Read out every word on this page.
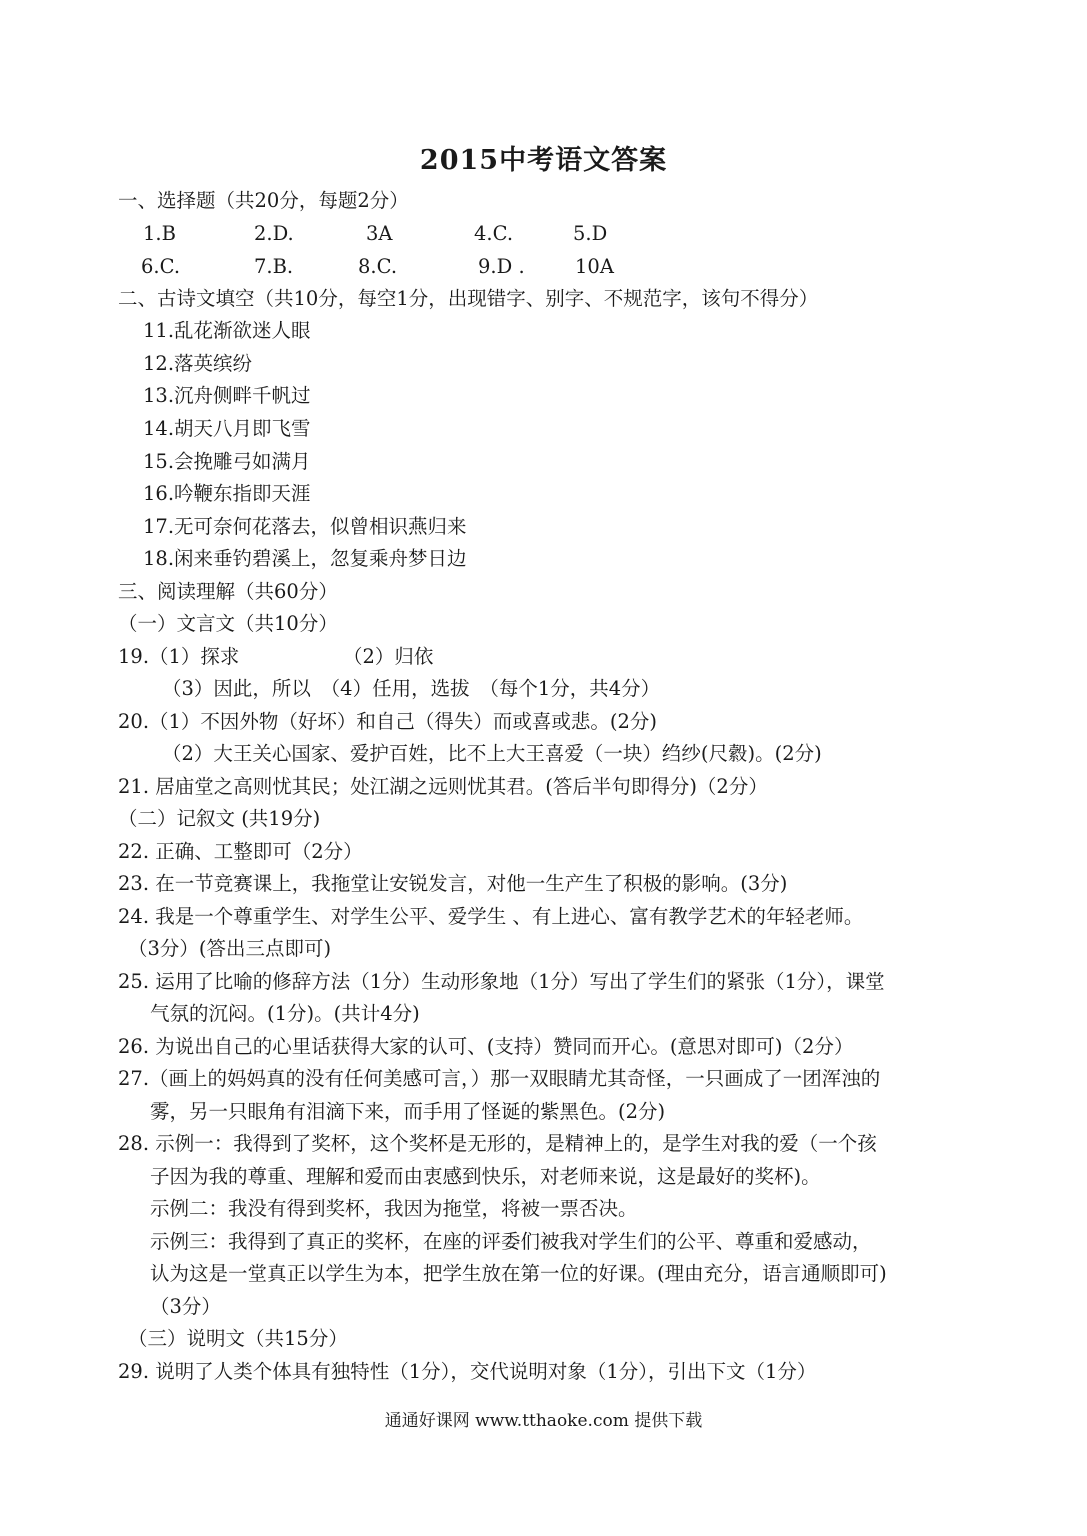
2015中考语文答案
一、选择题（共20分，每题2分）
1.B	2.D.	3A	4.C.	5.D
6.C.	7.B.	8.C.	9.D .	10A
二、古诗文填空（共10分，每空1分，出现错字、别字、不规范字，该句不得分）
11.乱花渐欲迷人眼
12.落英缤纷
13.沉舟侧畔千帆过
14.胡天八月即飞雪
15.会挽雕弓如满月
16.吟鞭东指即天涯
17.无可奈何花落去，似曾相识燕归来
18.闲来垂钓碧溪上，忽复乘舟梦日边
三、阅读理解（共60分）
（一）文言文（共10分）
19.（1）探求	（2）归依
（3）因此，所以　（4）任用，选拔　（每个1分，共4分）
20.（1）不因外物（好坏）和自己（得失）而或喜或悲。(2分)
（2）大王关心国家、爱护百姓，比不上大王喜爱（一块）绉纱(尺縠)。(2分)
21. 居庙堂之高则忧其民；处江湖之远则忧其君。(答后半句即得分)（2分）
（二）记叙文 (共19分)
22. 正确、工整即可（2分）
23. 在一节竞赛课上，我拖堂让安锐发言，对他一生产生了积极的影响。(3分)
24. 我是一个尊重学生、对学生公平、爱学生 、有上进心、富有教学艺术的年轻老师。
（3分）(答出三点即可)
25. 运用了比喻的修辞方法（1分）生动形象地（1分）写出了学生们的紧张（1分），课堂
气氛的沉闷。(1分)。(共计4分)
26. 为说出自己的心里话获得大家的认可、(支持）赞同而开心。(意思对即可)（2分）
27.（画上的妈妈真的没有任何美感可言，）那一双眼睛尤其奇怪，一只画成了一团浑浊的
雾，另一只眼角有泪滴下来，而手用了怪诞的紫黑色。(2分)
28. 示例一：我得到了奖杯，这个奖杯是无形的，是精神上的，是学生对我的爱（一个孩
子因为我的尊重、理解和爱而由衷感到快乐，对老师来说，这是最好的奖杯)。
示例二：我没有得到奖杯，我因为拖堂，将被一票否决。
示例三：我得到了真正的奖杯，在座的评委们被我对学生们的公平、尊重和爱感动，
认为这是一堂真正以学生为本，把学生放在第一位的好课。(理由充分，语言通顺即可)
（3分）
（三）说明文（共15分）
29. 说明了人类个体具有独特性（1分），交代说明对象（1分），引出下文（1分）
通通好课网 www.tthaoke.com 提供下载
